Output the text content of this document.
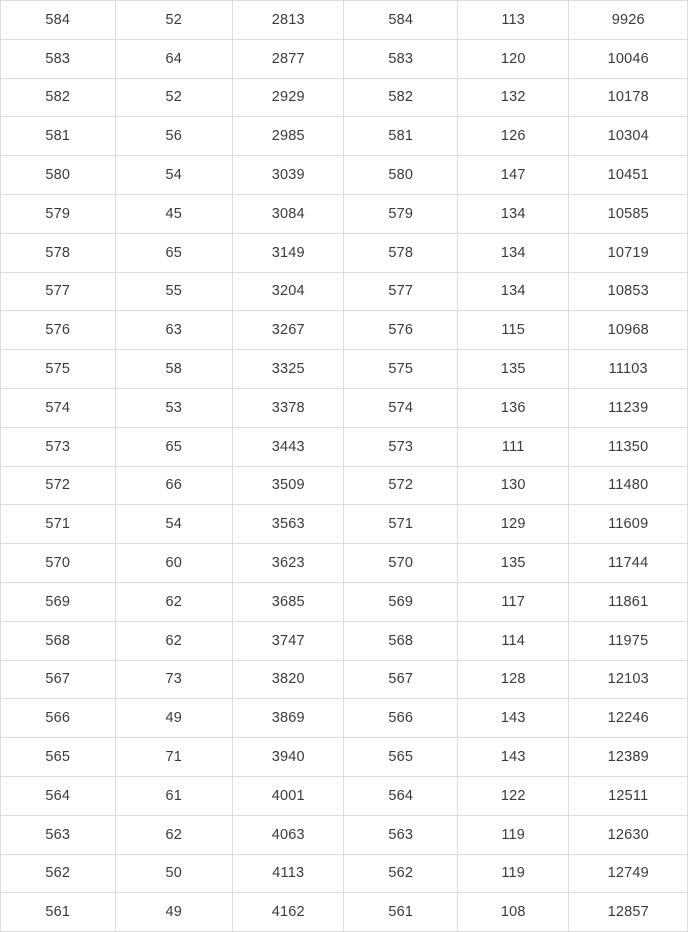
584	52	2813	584	113	9926
583	64	2877	583	120	10046
582	52	2929	582	132	10178
581	56	2985	581	126	10304
580	54	3039	580	147	10451
579	45	3084	579	134	10585
578	65	3149	578	134	10719
577	55	3204	577	134	10853
576	63	3267	576	115	10968
575	58	3325	575	135	11103
574	53	3378	574	136	11239
573	65	3443	573	111	11350
572	66	3509	572	130	11480
571	54	3563	571	129	11609
570	60	3623	570	135	11744
569	62	3685	569	117	11861
568	62	3747	568	114	11975
567	73	3820	567	128	12103
566	49	3869	566	143	12246
565	71	3940	565	143	12389
564	61	4001	564	122	12511
563	62	4063	563	119	12630
562	50	4113	562	119	12749
561	49	4162	561	108	12857
